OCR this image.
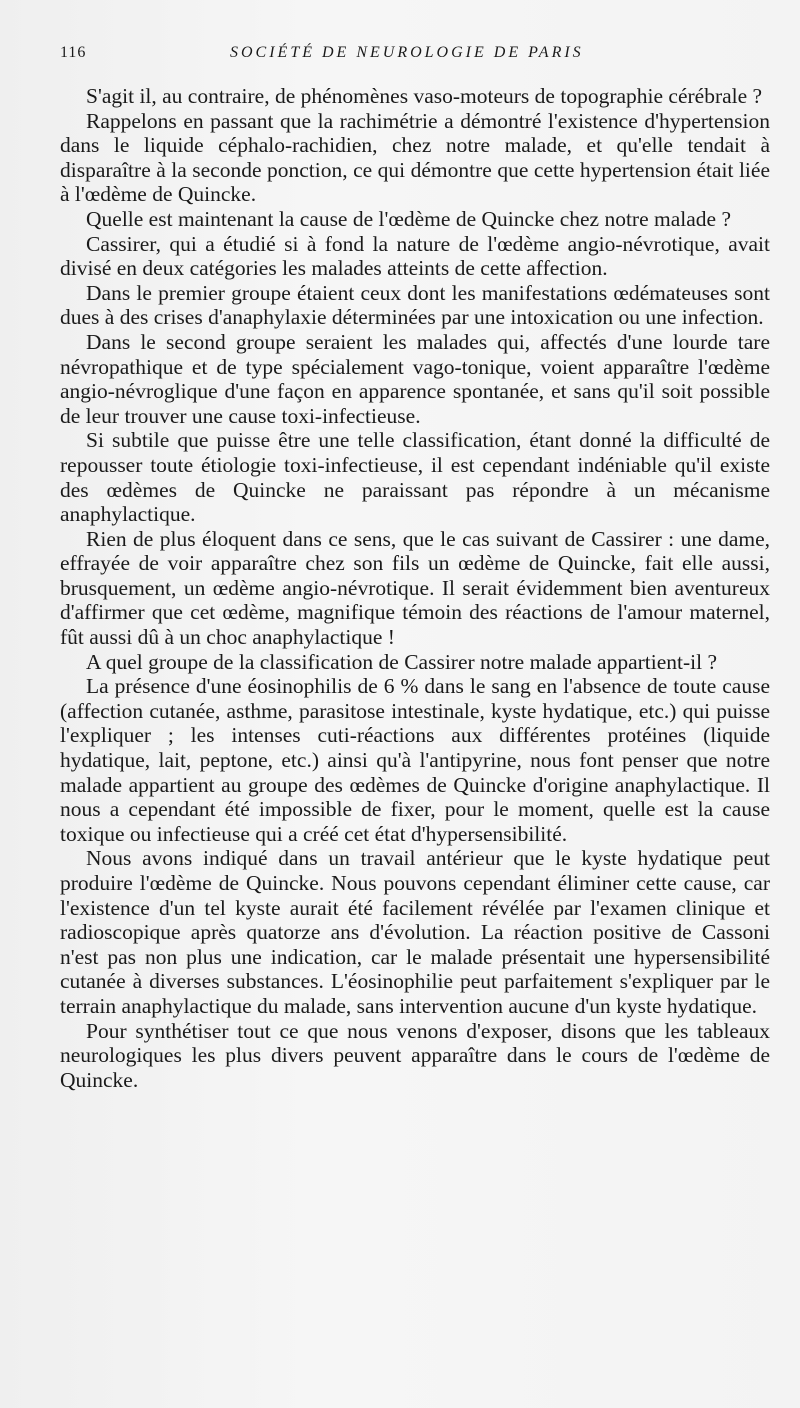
116	SOCIÉTÉ DE NEUROLOGIE DE PARIS

S'agit il, au contraire, de phénomènes vaso-moteurs de topographie cérébrale ?

Rappelons en passant que la rachimétrie a démontré l'existence d'hypertension dans le liquide céphalo-rachidien, chez notre malade, et qu'elle tendait à disparaître à la seconde ponction, ce qui démontre que cette hypertension était liée à l'œdème de Quincke.

Quelle est maintenant la cause de l'œdème de Quincke chez notre malade ?

Cassirer, qui a étudié si à fond la nature de l'œdème angio-névrotique, avait divisé en deux catégories les malades atteints de cette affection.

Dans le premier groupe étaient ceux dont les manifestations œdémateuses sont dues à des crises d'anaphylaxie déterminées par une intoxication ou une infection.

Dans le second groupe seraient les malades qui, affectés d'une lourde tare névropathique et de type spécialement vago-tonique, voient apparaître l'œdème angio-névroglique d'une façon en apparence spontanée, et sans qu'il soit possible de leur trouver une cause toxi-infectieuse.

Si subtile que puisse être une telle classification, étant donné la difficulté de repousser toute étiologie toxi-infectieuse, il est cependant indéniable qu'il existe des œdèmes de Quincke ne paraissant pas répondre à un mécanisme anaphylactique.

Rien de plus éloquent dans ce sens, que le cas suivant de Cassirer : une dame, effrayée de voir apparaître chez son fils un œdème de Quincke, fait elle aussi, brusquement, un œdème angio-névrotique. Il serait évidemment bien aventureux d'affirmer que cet œdème, magnifique témoin des réactions de l'amour maternel, fût aussi dû à un choc anaphylactique !

A quel groupe de la classification de Cassirer notre malade appartient-il ?

La présence d'une éosinophilis de 6 % dans le sang en l'absence de toute cause (affection cutanée, asthme, parasitose intestinale, kyste hydatique, etc.) qui puisse l'expliquer ; les intenses cuti-réactions aux différentes protéines (liquide hydatique, lait, peptone, etc.) ainsi qu'à l'antipyrine, nous font penser que notre malade appartient au groupe des œdèmes de Quincke d'origine anaphylactique. Il nous a cependant été impossible de fixer, pour le moment, quelle est la cause toxique ou infectieuse qui a créé cet état d'hypersensibilité.

Nous avons indiqué dans un travail antérieur que le kyste hydatique peut produire l'œdème de Quincke. Nous pouvons cependant éliminer cette cause, car l'existence d'un tel kyste aurait été facilement révélée par l'examen clinique et radioscopique après quatorze ans d'évolution. La réaction positive de Cassoni n'est pas non plus une indication, car le malade présentait une hypersensibilité cutanée à diverses substances. L'éosinophilie peut parfaitement s'expliquer par le terrain anaphylactique du malade, sans intervention aucune d'un kyste hydatique.

Pour synthétiser tout ce que nous venons d'exposer, disons que les tableaux neurologiques les plus divers peuvent apparaître dans le cours de l'œdème de Quincke.
